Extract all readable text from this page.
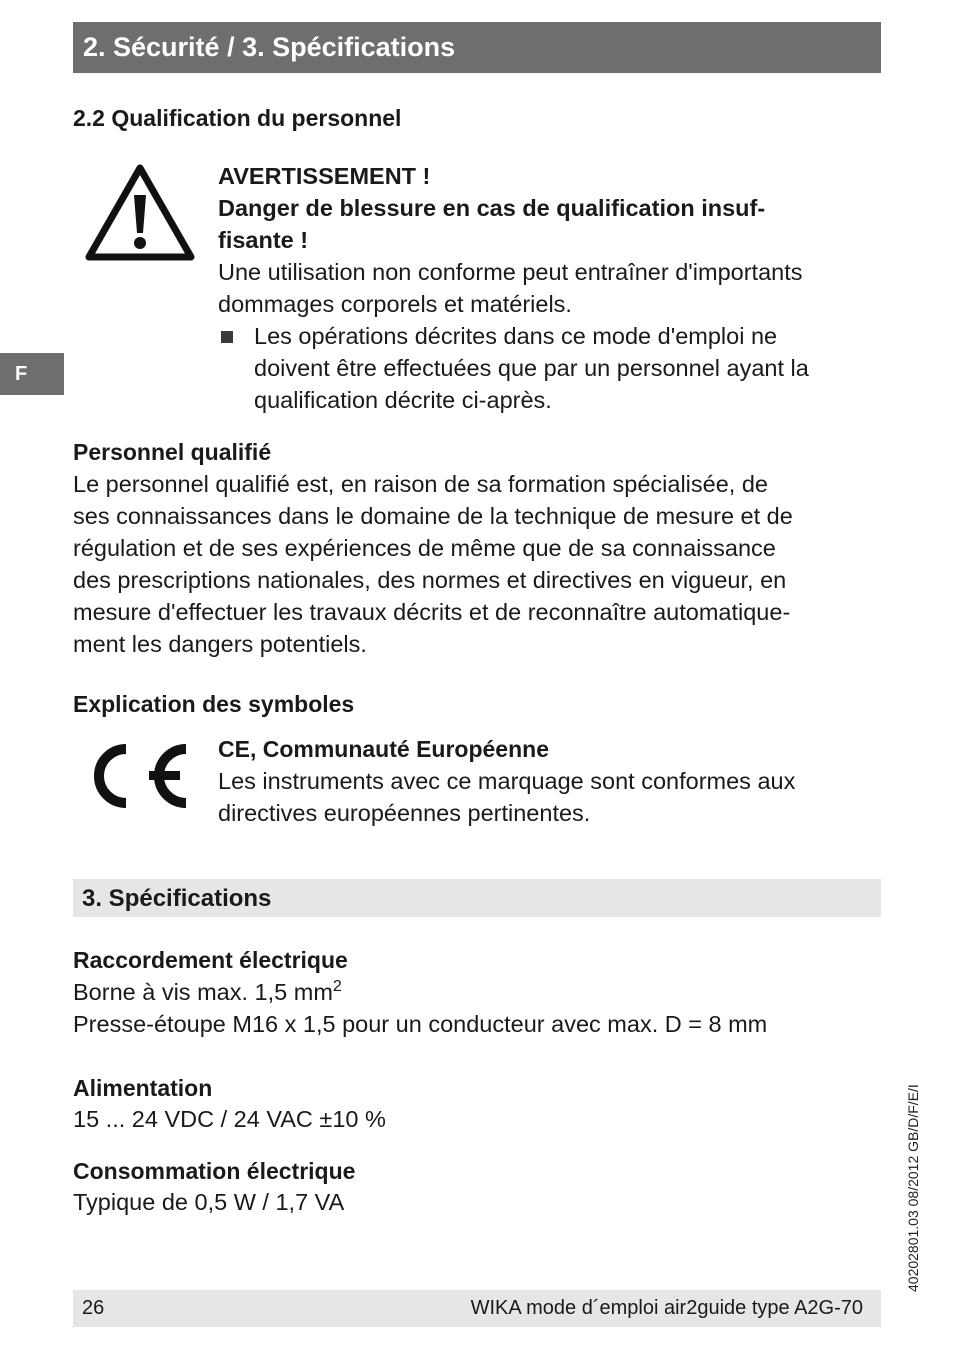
2. Sécurité / 3. Spécifications
F
2.2 Qualification du personnel
AVERTISSEMENT !
Danger de blessure en cas de qualification insuf-
fisante !
Une utilisation non conforme peut entraîner d'importants
dommages corporels et matériels.
Les opérations décrites dans ce mode d'emploi ne
doivent être effectuées que par un personnel ayant la
qualification décrite ci-après.
Personnel qualifié
Le personnel qualifié est, en raison de sa formation spécialisée, de
ses connaissances dans le domaine de la technique de mesure et de
régulation et de ses expériences de même que de sa connaissance
des prescriptions nationales, des normes et directives en vigueur, en
mesure d'effectuer les travaux décrits et de reconnaître automatique-
ment les dangers potentiels.
Explication des symboles
CE, Communauté Européenne
Les instruments avec ce marquage sont conformes aux
directives européennes pertinentes.
3. Spécifications
Raccordement électrique
Borne à vis max. 1,5 $mm^2$
Presse-étoupe M16 x 1,5 pour un conducteur avec max. D = 8 mm
Alimentation
15 ... 24 VDC / 24 VAC ±10 %
Consommation électrique
Typique de 0,5 W / 1,7 VA	40202801.03 08/2012 GB/D/F/E/I
26	WIKA mode d´emploi air2guide type A2G-70
